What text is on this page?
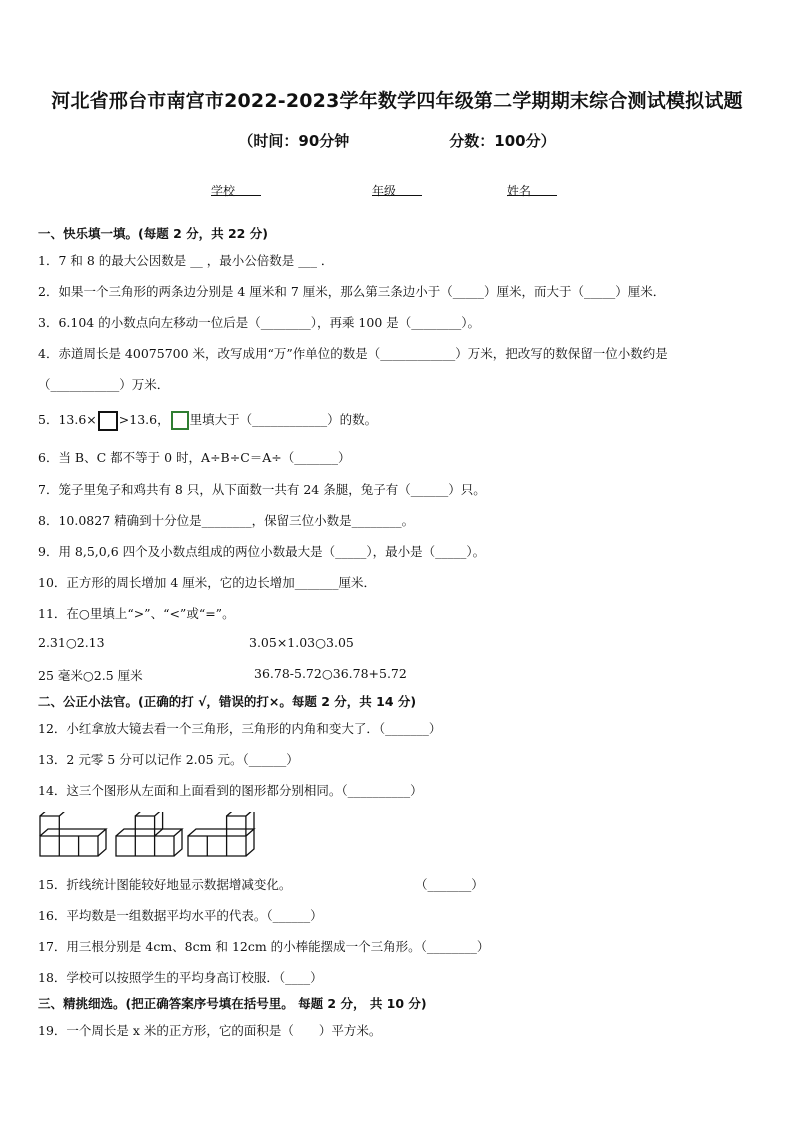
河北省邢台市南宫市2022-2023学年数学四年级第二学期期末综合测试模拟试题
（时间：90分钟	分数：100分）
学校	年级	姓名
一、快乐填一填。(每题 2 分，共 22 分)
1．7 和 8 的最大公因数是 __ ，最小公倍数是 ___ ．
2．如果一个三角形的两条边分别是 4 厘米和 7 厘米，那么第三条边小于（_____）厘米，而大于（_____）厘米．
3．6.104 的小数点向左移动一位后是（________），再乘 100 是（________）。
4．赤道周长是 40075700 米，改写成用“万”作单位的数是（____________）万米，把改写的数保留一位小数约是
（___________）万米．
5．13.6× >13.6， 里填大于（____________）的数。
6．当 B、C 都不等于 0 时，A÷B÷C＝A÷（_______）
7．笼子里兔子和鸡共有 8 只，从下面数一共有 24 条腿，兔子有（______）只。
8．10.0827 精确到十分位是________，保留三位小数是________。
9．用 8,5,0,6 四个及小数点组成的两位小数最大是（_____），最小是（_____）。
10．正方形的周长增加 4 厘米，它的边长增加_______厘米．
11．在○里填上“>”、“<”或“=”。
2.31○2.13	3.05×1.03○3.05
25 毫米○2.5 厘米	36.78-5.72○36.78+5.72
二、公正小法官。(正确的打 √，错误的打×。每题 2 分，共 14 分)
12．小红拿放大镜去看一个三角形，三角形的内角和变大了．（_______）
13．2 元零 5 分可以记作 2.05 元。（______）
14．这三个图形从左面和上面看到的图形都分别相同。（__________）
15．折线统计图能较好地显示数据增减变化。	（_______）
16．平均数是一组数据平均水平的代表。（______）
17．用三根分别是 4cm、8cm 和 12cm 的小棒能摆成一个三角形。（________）
18．学校可以按照学生的平均身高订校服．（____）
三、精挑细选。(把正确答案序号填在括号里。 每题 2 分， 共 10 分)
19．一个周长是 x 米的正方形，它的面积是（　　）平方米。
